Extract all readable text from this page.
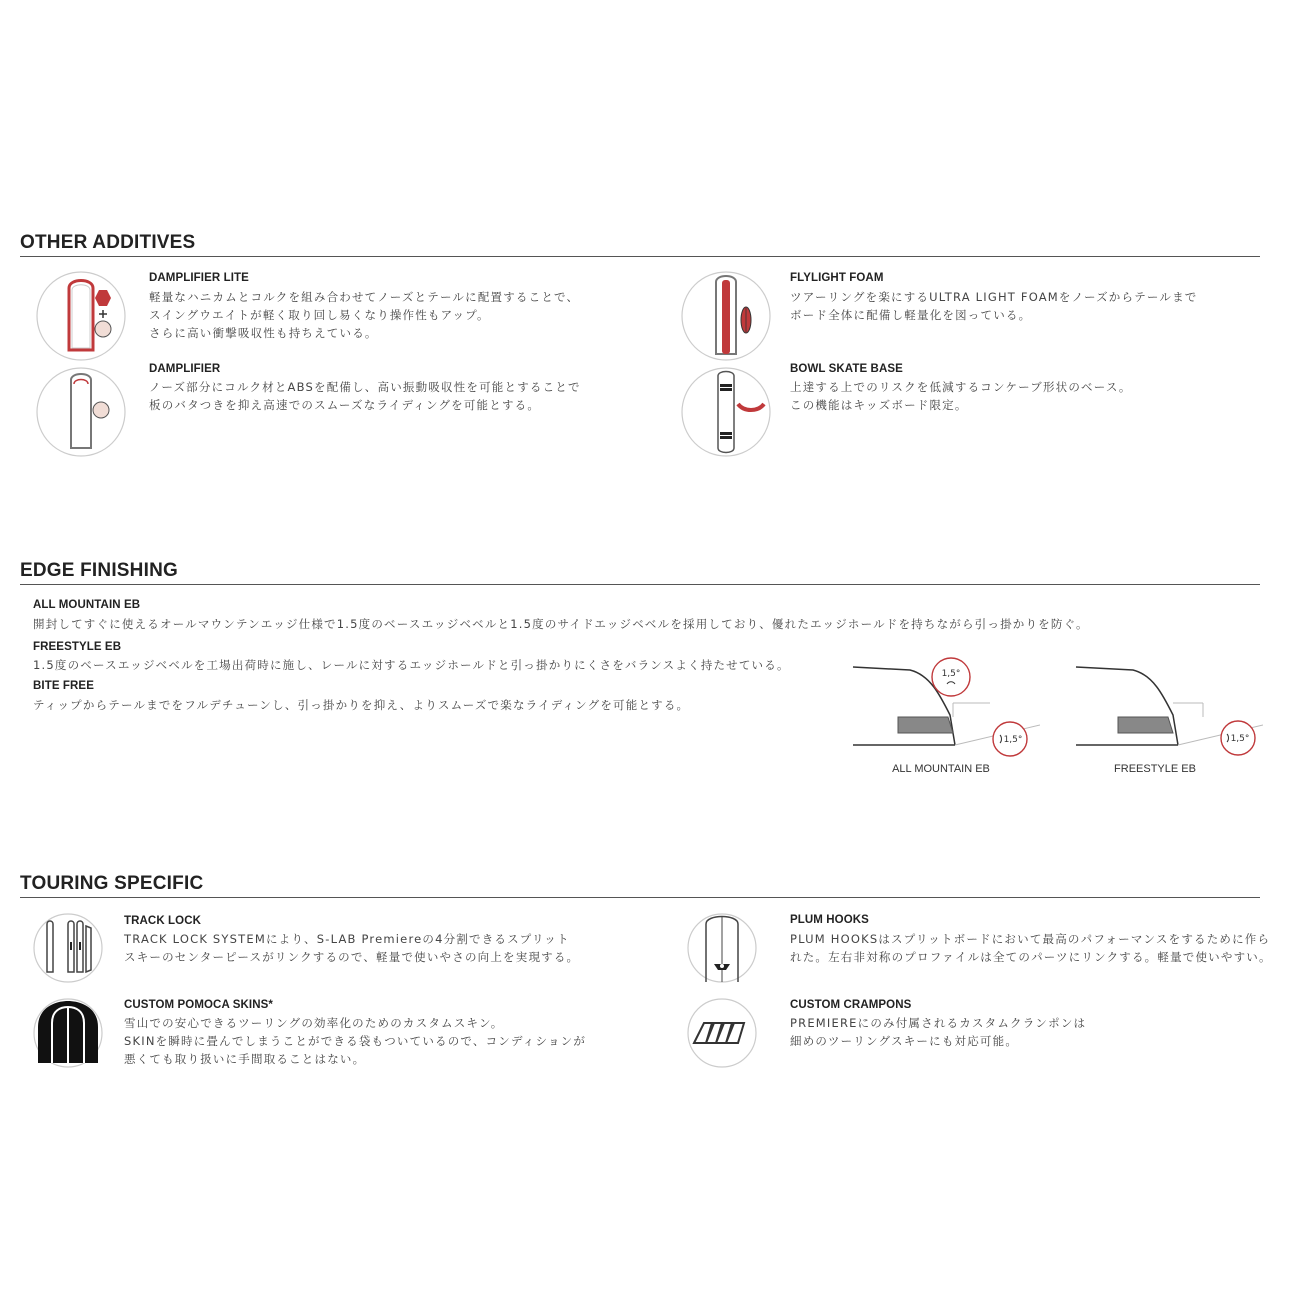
OTHER ADDITIVES
DAMPLIFIER LITE
軽量なハニカムとコルクを組み合わせてノーズとテールに配置することで、
スイングウエイトが軽く取り回し易くなり操作性もアップ。
さらに高い衝撃吸収性も持ちえている。
DAMPLIFIER
ノーズ部分にコルク材とABSを配備し、高い振動吸収性を可能とすることで
板のバタつきを抑え高速でのスムーズなライディングを可能とする。
FLYLIGHT FOAM
ツアーリングを楽にするULTRA LIGHT FOAMをノーズからテールまで
ボード全体に配備し軽量化を図っている。
BOWL SKATE BASE
上達する上でのリスクを低減するコンケーブ形状のベース。
この機能はキッズボード限定。
EDGE FINISHING
ALL MOUNTAIN EB
開封してすぐに使えるオールマウンテンエッジ仕様で1.5度のベースエッジベベルと1.5度のサイドエッジベベルを採用しており、優れたエッジホールドを持ちながら引っ掛かりを防ぐ。
FREESTYLE EB
1.5度のベースエッジベベルを工場出荷時に施し、レールに対するエッジホールドと引っ掛かりにくさをバランスよく持たせている。
BITE FREE
ティップからテールまでをフルデチューンし、引っ掛かりを抑え、よりスムーズで楽なライディングを可能とする。
1,5°
1,5°
ALL MOUNTAIN EB
1,5°
FREESTYLE EB
TOURING SPECIFIC
TRACK LOCK
TRACK LOCK SYSTEMにより、S-LAB Premiereの4分割できるスプリット
スキーのセンターピースがリンクするので、軽量で使いやさの向上を実現する。
CUSTOM POMOCA SKINS*
雪山での安心できるツーリングの効率化のためのカスタムスキン。
SKINを瞬時に畳んでしまうことができる袋もついているので、コンディションが
悪くても取り扱いに手間取ることはない。
PLUM HOOKS
PLUM HOOKSはスプリットボードにおいて最高のパフォーマンスをするために作ら
れた。左右非対称のプロファイルは全てのパーツにリンクする。軽量で使いやすい。
CUSTOM CRAMPONS
PREMIEREにのみ付属されるカスタムクランポンは
細めのツーリングスキーにも対応可能。
